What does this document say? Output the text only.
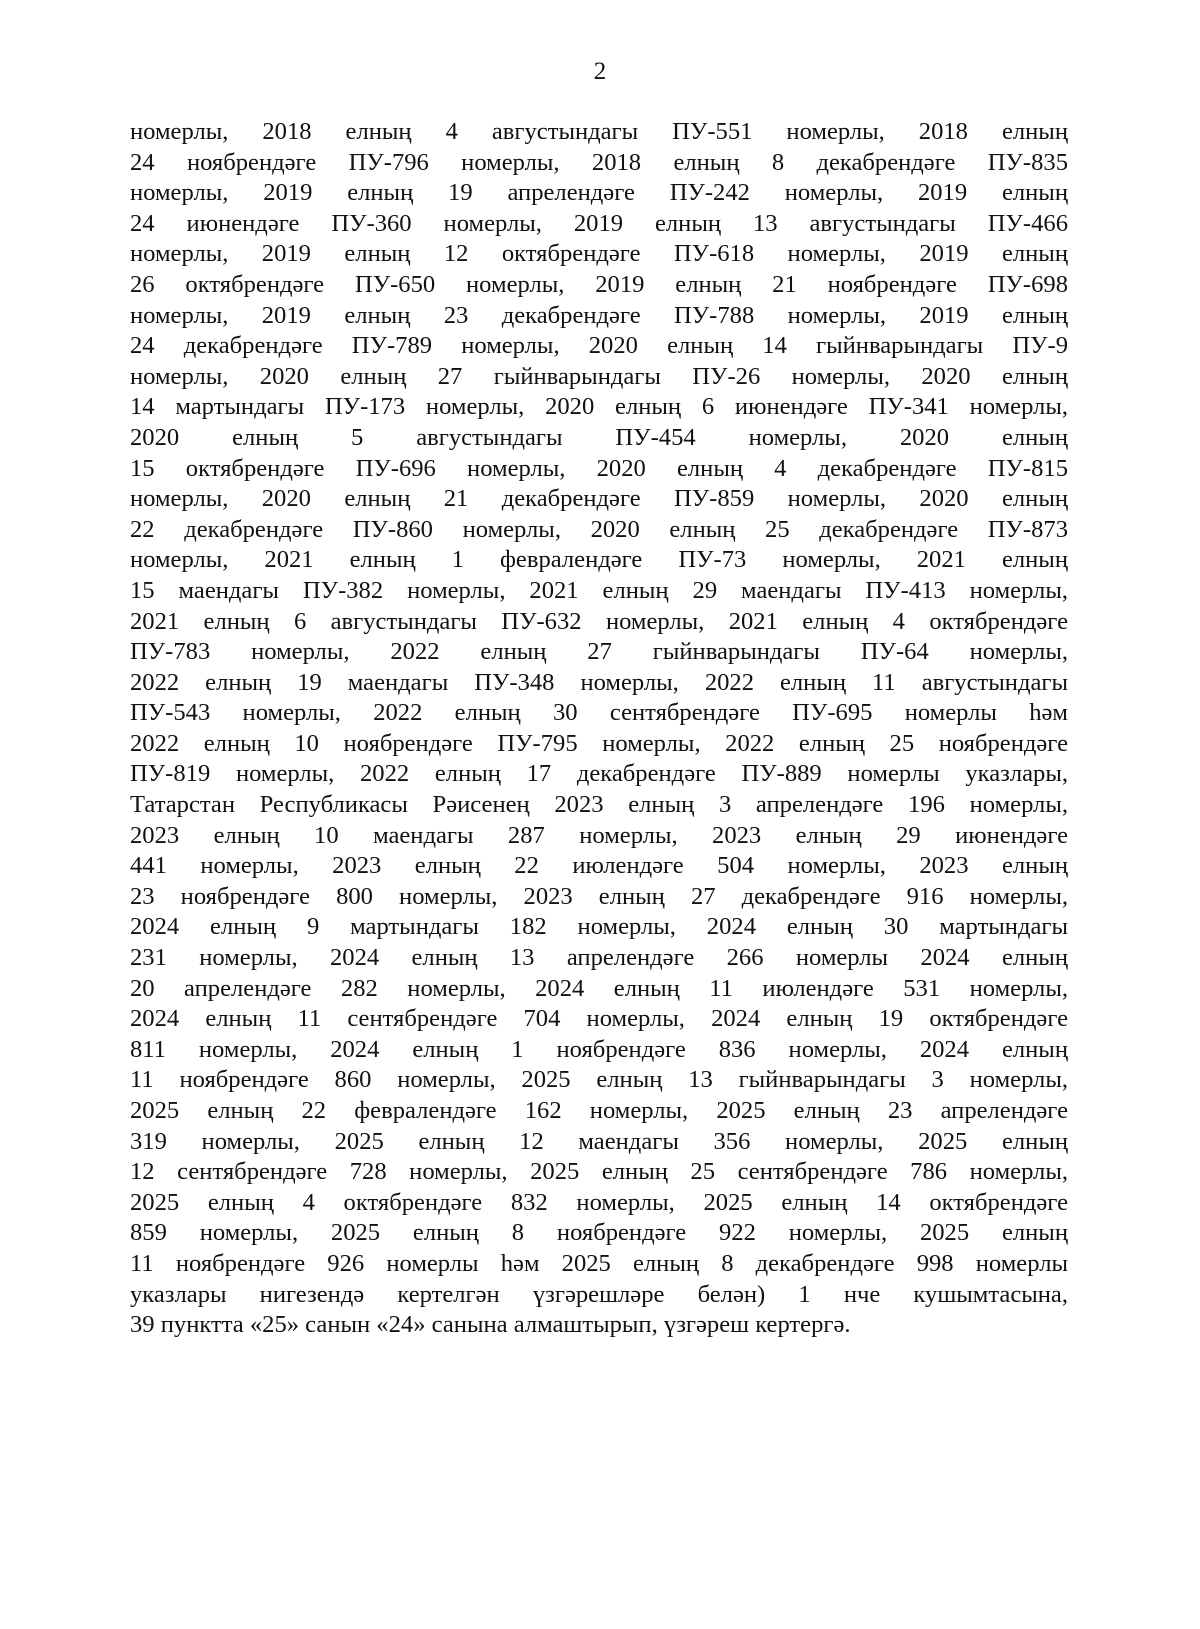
2
номерлы, 2018 елның 4 августындагы ПУ-551 номерлы, 2018 елның
24 ноябрендәге ПУ-796 номерлы, 2018 елның 8 декабрендәге ПУ-835
номерлы, 2019 елның 19 апрелендәге ПУ-242 номерлы, 2019 елның
24 июнендәге ПУ-360 номерлы, 2019 елның 13 августындагы ПУ-466
номерлы, 2019 елның 12 октябрендәге ПУ-618 номерлы, 2019 елның
26 октябрендәге ПУ-650 номерлы, 2019 елның 21 ноябрендәге ПУ-698
номерлы, 2019 елның 23 декабрендәге ПУ-788 номерлы, 2019 елның
24 декабрендәге ПУ-789 номерлы, 2020 елның 14 гыйнварындагы ПУ-9
номерлы, 2020 елның 27 гыйнварындагы ПУ-26 номерлы, 2020 елның
14 мартындагы ПУ-173 номерлы, 2020 елның 6 июнендәге ПУ-341 номерлы,
2020 елның 5 августындагы ПУ-454 номерлы, 2020 елның
15 октябрендәге ПУ-696 номерлы, 2020 елның 4 декабрендәге ПУ-815
номерлы, 2020 елның 21 декабрендәге ПУ-859 номерлы, 2020 елның
22 декабрендәге ПУ-860 номерлы, 2020 елның 25 декабрендәге ПУ-873
номерлы, 2021 елның 1 февралендәге ПУ-73 номерлы, 2021 елның
15 маендагы ПУ-382 номерлы, 2021 елның 29 маендагы ПУ-413 номерлы,
2021 елның 6 августындагы ПУ-632 номерлы, 2021 елның 4 октябрендәге
ПУ-783 номерлы, 2022 елның 27 гыйнварындагы ПУ-64 номерлы,
2022 елның 19 маендагы ПУ-348 номерлы, 2022 елның 11 августындагы
ПУ-543 номерлы, 2022 елның 30 сентябрендәге ПУ-695 номерлы һәм
2022 елның 10 ноябрендәге ПУ-795 номерлы, 2022 елның 25 ноябрендәге
ПУ-819 номерлы, 2022 елның 17 декабрендәге ПУ-889 номерлы указлары,
Татарстан Республикасы Рәисенең 2023 елның 3 апрелендәге 196 номерлы,
2023 елның 10 маендагы 287 номерлы, 2023 елның 29 июнендәге
441 номерлы, 2023 елның 22 июлендәге 504 номерлы, 2023 елның
23 ноябрендәге 800 номерлы, 2023 елның 27 декабрендәге 916 номерлы,
2024 елның 9 мартындагы 182 номерлы, 2024 елның 30 мартындагы
231 номерлы, 2024 елның 13 апрелендәге 266 номерлы 2024 елның
20 апрелендәге 282 номерлы, 2024 елның 11 июлендәге 531 номерлы,
2024 елның 11 сентябрендәге 704 номерлы, 2024 елның 19 октябрендәге
811 номерлы, 2024 елның 1 ноябрендәге 836 номерлы, 2024 елның
11 ноябрендәге 860 номерлы, 2025 елның 13 гыйнварындагы 3 номерлы,
2025 елның 22 февралендәге 162 номерлы, 2025 елның 23 апрелендәге
319 номерлы, 2025 елның 12 маендагы 356 номерлы, 2025 елның
12 сентябрендәге 728 номерлы, 2025 елның 25 сентябрендәге 786 номерлы,
2025 елның 4 октябрендәге 832 номерлы, 2025 елның 14 октябрендәге
859 номерлы, 2025 елның 8 ноябрендәге 922 номерлы, 2025 елның
11 ноябрендәге 926 номерлы һәм 2025 елның 8 декабрендәге 998 номерлы
указлары нигезендә кертелгән үзгәрешләре белән) 1 нче кушымтасына,
39 пунктта «25» санын «24» санына алмаштырып, үзгәреш кертергә.
